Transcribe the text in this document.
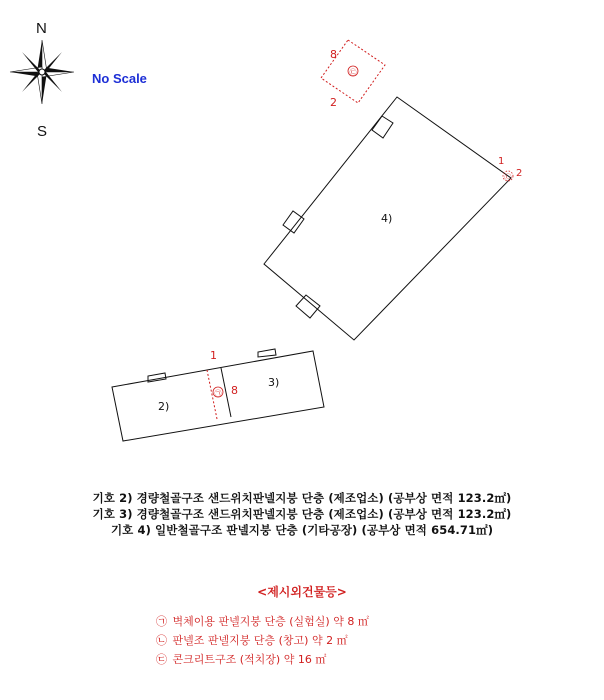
N
S
㉢
8
2
4)
㉡
1
2
㉠
1
8
2)
3)
No Scale
기호 2) 경량철골구조 샌드위치판넬지붕 단층 (제조업소) (공부상 면적 123.2㎡)
기호 3) 경량철골구조 샌드위치판넬지붕 단층 (제조업소) (공부상 면적 123.2㎡)
기호 4) 일반철골구조 판넬지붕 단층 (기타공장) (공부상 면적 654.71㎡)
<제시외건물등>
㉠ 벽체이용 판넬지붕 단층 (실험실) 약 8 ㎡
㉡ 판넬조 판넬지붕 단층 (창고) 약 2 ㎡
㉢ 콘크리트구조 (적치장) 약 16 ㎡
